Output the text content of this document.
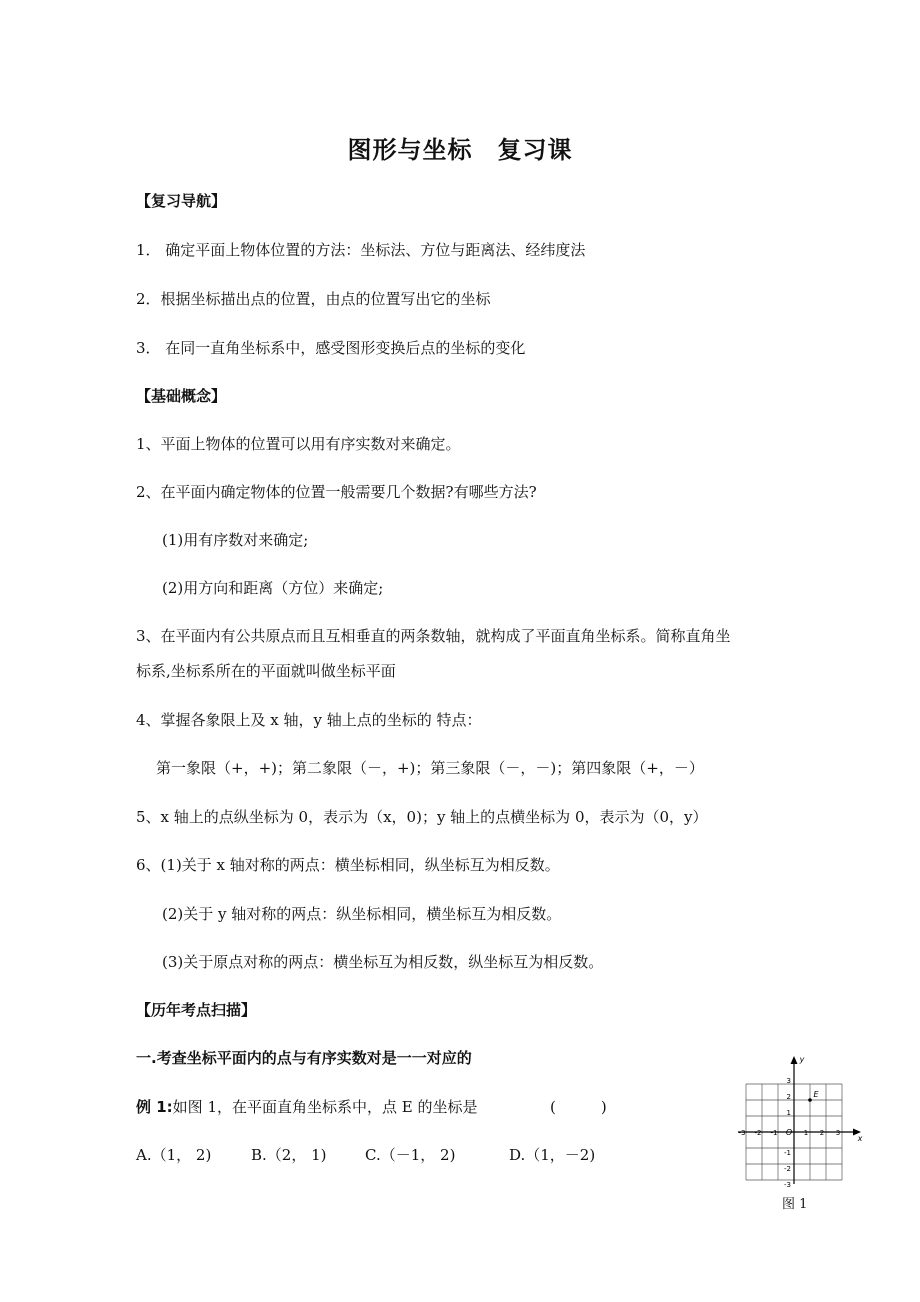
图形与坐标　复习课
【复习导航】
1． 确定平面上物体位置的方法：坐标法、方位与距离法、经纬度法
2．根据坐标描出点的位置，由点的位置写出它的坐标
3． 在同一直角坐标系中，感受图形变换后点的坐标的变化
【基础概念】
1、平面上物体的位置可以用有序实数对来确定。
2、在平面内确定物体的位置一般需要几个数据?有哪些方法?
(1)用有序数对来确定;
(2)用方向和距离（方位）来确定;
3、在平面内有公共原点而且互相垂直的两条数轴，就构成了平面直角坐标系。简称直角坐
标系,坐标系所在的平面就叫做坐标平面
4、掌握各象限上及 x 轴，y 轴上点的坐标的 特点：
第一象限（+，+)；第二象限（－，+)；第三象限（－，－)；第四象限（+，－）
5、x 轴上的点纵坐标为 0，表示为（x，0)；y 轴上的点横坐标为 0，表示为（0，y）
6、(1)关于 x 轴对称的两点：横坐标相同，纵坐标互为相反数。
(2)关于 y 轴对称的两点：纵坐标相同，横坐标互为相反数。
(3)关于原点对称的两点：横坐标互为相反数，纵坐标互为相反数。
【历年考点扫描】
一.考查坐标平面内的点与有序实数对是一一对应的
例 1:如图 1，在平面直角坐标系中，点 E 的坐标是	(　　　)
A.（1， 2)	B.（2， 1)	C.（－1， 2)	D.（1，－2)
-3 -2 -1	1 2 3
3
2
1
-1
-2
-3
O
x
y
E
图 1
